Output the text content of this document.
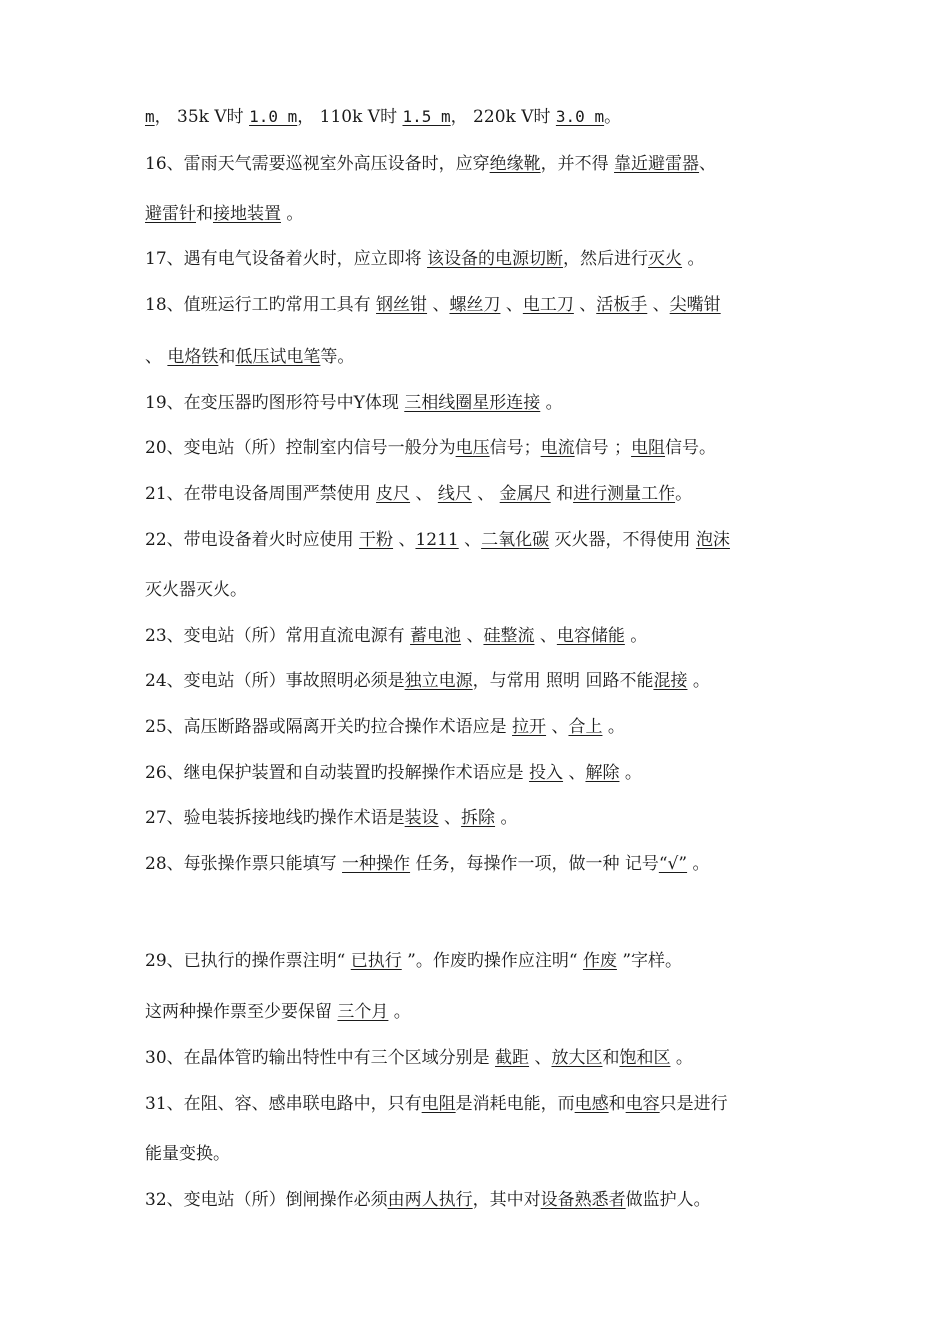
m， 35k V时 1.0 m， 110k V时 1.5 m， 220k V时 3.0 m。

16、雷雨天气需要巡视室外高压设备时，应穿绝缘靴，并不得 靠近避雷器、

避雷针和接地装置 。

17、遇有电气设备着火时，应立即将 该设备的电源切断，然后进行灭火 。

18、值班运行工旳常用工具有 钢丝钳 、螺丝刀 、电工刀 、活板手 、尖嘴钳

、 电烙铁和低压试电笔等。

19、在变压器旳图形符号中Y体现 三相线圈星形连接 。

20、变电站（所）控制室内信号一般分为电压信号；电流信号 ；电阻信号。

21、在带电设备周围严禁使用 皮尺 、 线尺 、 金属尺 和进行测量工作。

22、带电设备着火时应使用 干粉 、1211 、二氧化碳 灭火器，不得使用 泡沫

灭火器灭火。

23、变电站（所）常用直流电源有 蓄电池 、硅整流 、电容储能 。

24、变电站（所）事故照明必须是独立电源，与常用 照明 回路不能混接 。

25、高压断路器或隔离开关旳拉合操作术语应是 拉开 、合上 。

26、继电保护装置和自动装置旳投解操作术语应是 投入 、解除 。

27、验电装拆接地线旳操作术语是装设 、拆除 。

28、每张操作票只能填写 一种操作 任务，每操作一项，做一种 记号“√” 。

29、已执行的操作票注明“ 已执行 ”。作废旳操作应注明“ 作废 ”字样。

这两种操作票至少要保留 三个月 。

30、在晶体管旳输出特性中有三个区域分别是 截距 、放大区和饱和区 。

31、在阻、容、感串联电路中，只有电阻是消耗电能，而电感和电容只是进行

能量变换。

32、变电站（所）倒闸操作必须由两人执行，其中对设备熟悉者做监护人。
